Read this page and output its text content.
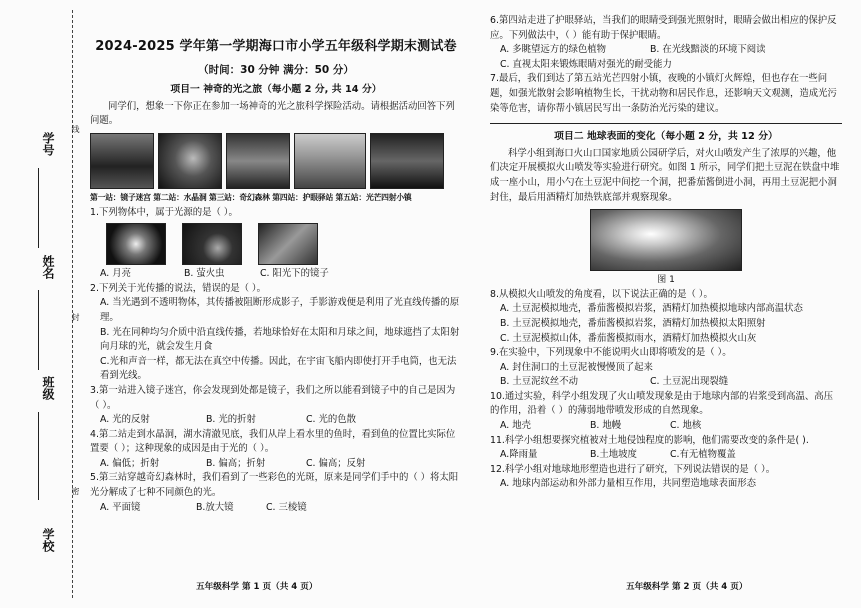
学号
姓名
班级
学校
线
封
密

2024-2025 学年第一学期海口市小学五年级科学期末测试卷

（时间：30 分钟 满分：50 分）

项目一 神奇的光之旅（每小题 2 分, 共 14 分）

同学们，想象一下你正在参加一场神奇的光之旅科学探险活动。请根据活动回答下列问题。

第一站：镜子迷宫 第二站：水晶洞 第三站：奇幻森林 第四站：护眼驿站 第五站：光芒四射小镇

1.下列物体中，属于光源的是（ ）。

A. 月亮	B. 萤火虫	C. 阳光下的镜子

2.下列关于光传播的说法，错误的是（ ）。

A. 当光遇到不透明物体，其传播被阻断形成影子，手影游戏便是利用了光直线传播的原理。

B. 光在同种均匀介质中沿直线传播，若地球恰好在太阳和月球之间，地球遮挡了太阳射向月球的光，就会发生月食

C.光和声音一样，都无法在真空中传播。因此，在宇宙飞船内即使打开手电筒，也无法看到光线。

3.第一站进入镜子迷宫，你会发现到处都是镜子，我们之所以能看到镜子中的自己是因为（ ）。

A. 光的反射	B. 光的折射	C. 光的色散

4.第二站走到水晶洞，湖水清澈见底，我们从岸上看水里的鱼时，看到鱼的位置比实际位置要（ ）；这种现象的成因是由于光的（ ）。

A. 偏低；折射	B. 偏高；折射	C. 偏高；反射

5.第三站穿越奇幻森林时，我们看到了一些彩色的光斑，原来是同学们手中的（ ）将太阳光分解成了七种不同颜色的光。

A. 平面镜	B.放大镜	C. 三棱镜
五年级科学 第 1 页（共 4 页）

6.第四站走进了护眼驿站，当我们的眼睛受到强光照射时，眼睛会做出相应的保护反应。下列做法中，（ ）能有助于保护眼睛。

A. 多眺望远方的绿色植物	B. 在光线黯淡的环境下阅读

C. 直视太阳来锻炼眼睛对强光的耐受能力

7.最后，我们到达了第五站光芒四射小镇，夜晚的小镇灯火辉煌，但也存在一些问题，如强光散射会影响植物生长，干扰动物和居民作息，还影响天文观测，造成光污染等危害，请你帮小镇居民写出一条防治光污染的建议。

项目二 地球表面的变化（每小题 2 分，共 12 分）

科学小组到海口火山口国家地质公园研学后，对火山喷发产生了浓厚的兴趣，他们决定开展模拟火山喷发等实验进行研究。如图 1 所示，同学们把土豆泥在铁盘中堆成一座小山，用小勺在土豆泥中间挖一个洞，把番茄酱倒进小洞，再用土豆泥把小洞封住，最后用酒精灯加热铁底部并观察现象。

图 1

8.从模拟火山喷发的角度看，以下说法正确的是（ ）。

A. 土豆泥模拟地壳，番茄酱模拟岩浆，酒精灯加热模拟地球内部高温状态

B. 土豆泥模拟地壳，番茄酱模拟岩浆，酒精灯加热模拟太阳照射

C. 土豆泥模拟山体，番茄酱模拟雨水，酒精灯加热模拟火山灰

9.在实验中，下列现象中不能说明火山即将喷发的是（ ）。

A. 封住洞口的土豆泥被慢慢顶了起来

B. 土豆泥纹丝不动	C. 土豆泥出现裂缝

10.通过实验，科学小组发现了火山喷发现象是由于地球内部的岩浆受到高温、高压的作用，沿着（ ）的薄弱地带喷发形成的自然现象。

A. 地壳	B. 地幔	C. 地核

11.科学小组想要探究植被对土地侵蚀程度的影响，他们需要改变的条件是( ).

A.降雨量	B.土地坡度	C.有无植物覆盖

12.科学小组对地球地形塑造也进行了研究，下列说法错误的是（ ）。

A. 地球内部运动和外部力量相互作用，共同塑造地球表面形态

五年级科学 第 2 页（共 4 页）
